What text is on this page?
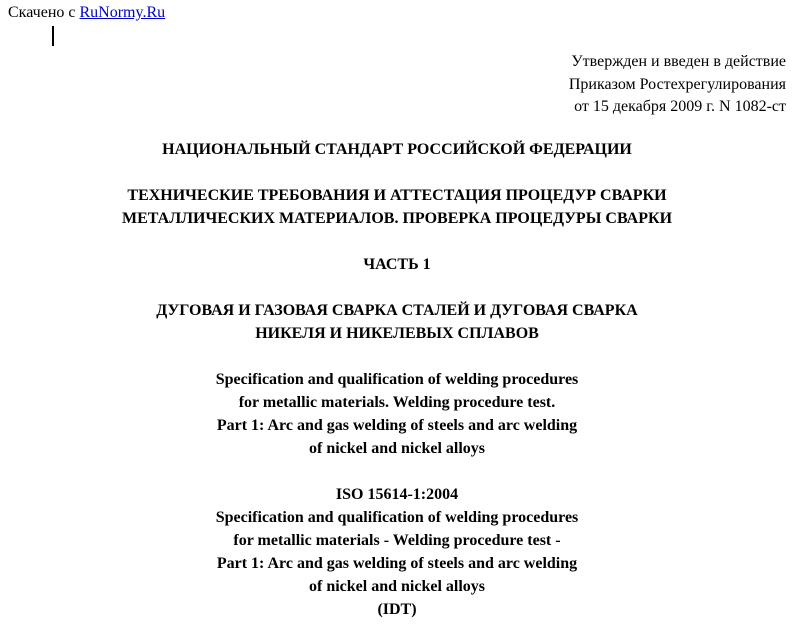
Скачено с RuNormy.Ru
Утвержден и введен в действие
Приказом Ростехрегулирования
от 15 декабря 2009 г. N 1082-ст
НАЦИОНАЛЬНЫЙ СТАНДАРТ РОССИЙСКОЙ ФЕДЕРАЦИИ
ТЕХНИЧЕСКИЕ ТРЕБОВАНИЯ И АТТЕСТАЦИЯ ПРОЦЕДУР СВАРКИ
МЕТАЛЛИЧЕСКИХ МАТЕРИАЛОВ. ПРОВЕРКА ПРОЦЕДУРЫ СВАРКИ
ЧАСТЬ 1
ДУГОВАЯ И ГАЗОВАЯ СВАРКА СТАЛЕЙ И ДУГОВАЯ СВАРКА
НИКЕЛЯ И НИКЕЛЕВЫХ СПЛАВОВ
Specification and qualification of welding procedures
for metallic materials. Welding procedure test.
Part 1: Arc and gas welding of steels and arc welding
of nickel and nickel alloys
ISO 15614-1:2004
Specification and qualification of welding procedures
for metallic materials - Welding procedure test -
Part 1: Arc and gas welding of steels and arc welding
of nickel and nickel alloys
(IDT)
